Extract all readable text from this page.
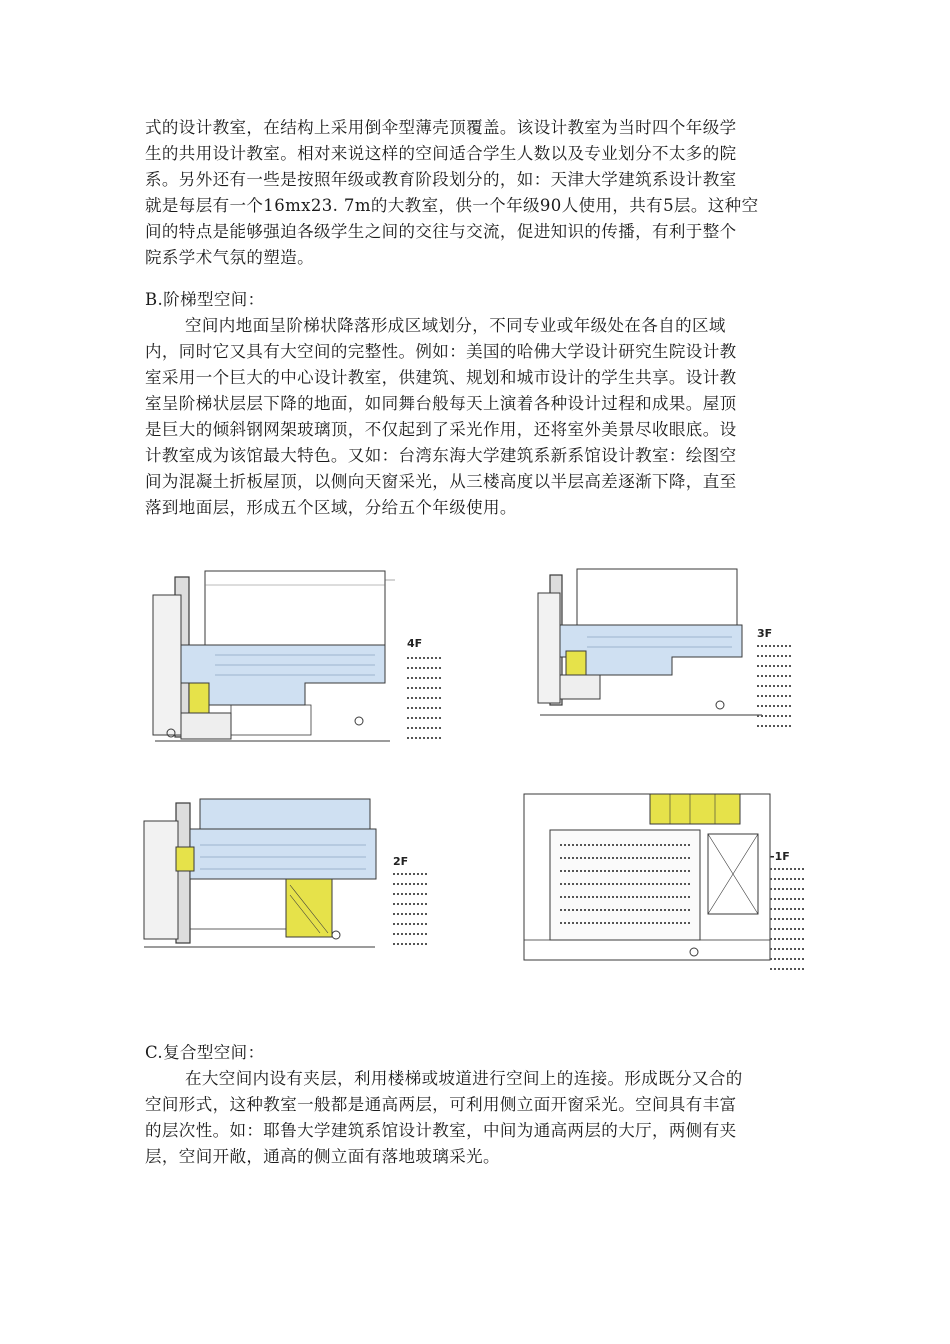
式的设计教室，在结构上采用倒伞型薄壳顶覆盖。该设计教室为当时四个年级学
生的共用设计教室。相对来说这样的空间适合学生人数以及专业划分不太多的院
系。另外还有一些是按照年级或教育阶段划分的，如：天津大学建筑系设计教室
就是每层有一个16mx23. 7m的大教室，供一个年级90人使用，共有5层。这种空
间的特点是能够强迫各级学生之间的交往与交流，促进知识的传播，有利于整个
院系学术气氛的塑造。
B.阶梯型空间：
空间内地面呈阶梯状降落形成区域划分，不同专业或年级处在各自的区域
内，同时它又具有大空间的完整性。例如：美国的哈佛大学设计研究生院设计教
室采用一个巨大的中心设计教室，供建筑、规划和城市设计的学生共享。设计教
室呈阶梯状层层下降的地面，如同舞台般每天上演着各种设计过程和成果。屋顶
是巨大的倾斜钢网架玻璃顶，不仅起到了采光作用，还将室外美景尽收眼底。设
计教室成为该馆最大特色。又如：台湾东海大学建筑系新系馆设计教室：绘图空
间为混凝土折板屋顶，以侧向天窗采光，从三楼高度以半层高差逐渐下降，直至
落到地面层，形成五个区域，分给五个年级使用。
4F
3F
2F	-1F
C.复合型空间：
在大空间内设有夹层，利用楼梯或坡道进行空间上的连接。形成既分又合的
空间形式，这种教室一般都是通高两层，可利用侧立面开窗采光。空间具有丰富
的层次性。如：耶鲁大学建筑系馆设计教室，中间为通高两层的大厅，两侧有夹
层，空间开敞，通高的侧立面有落地玻璃采光。
